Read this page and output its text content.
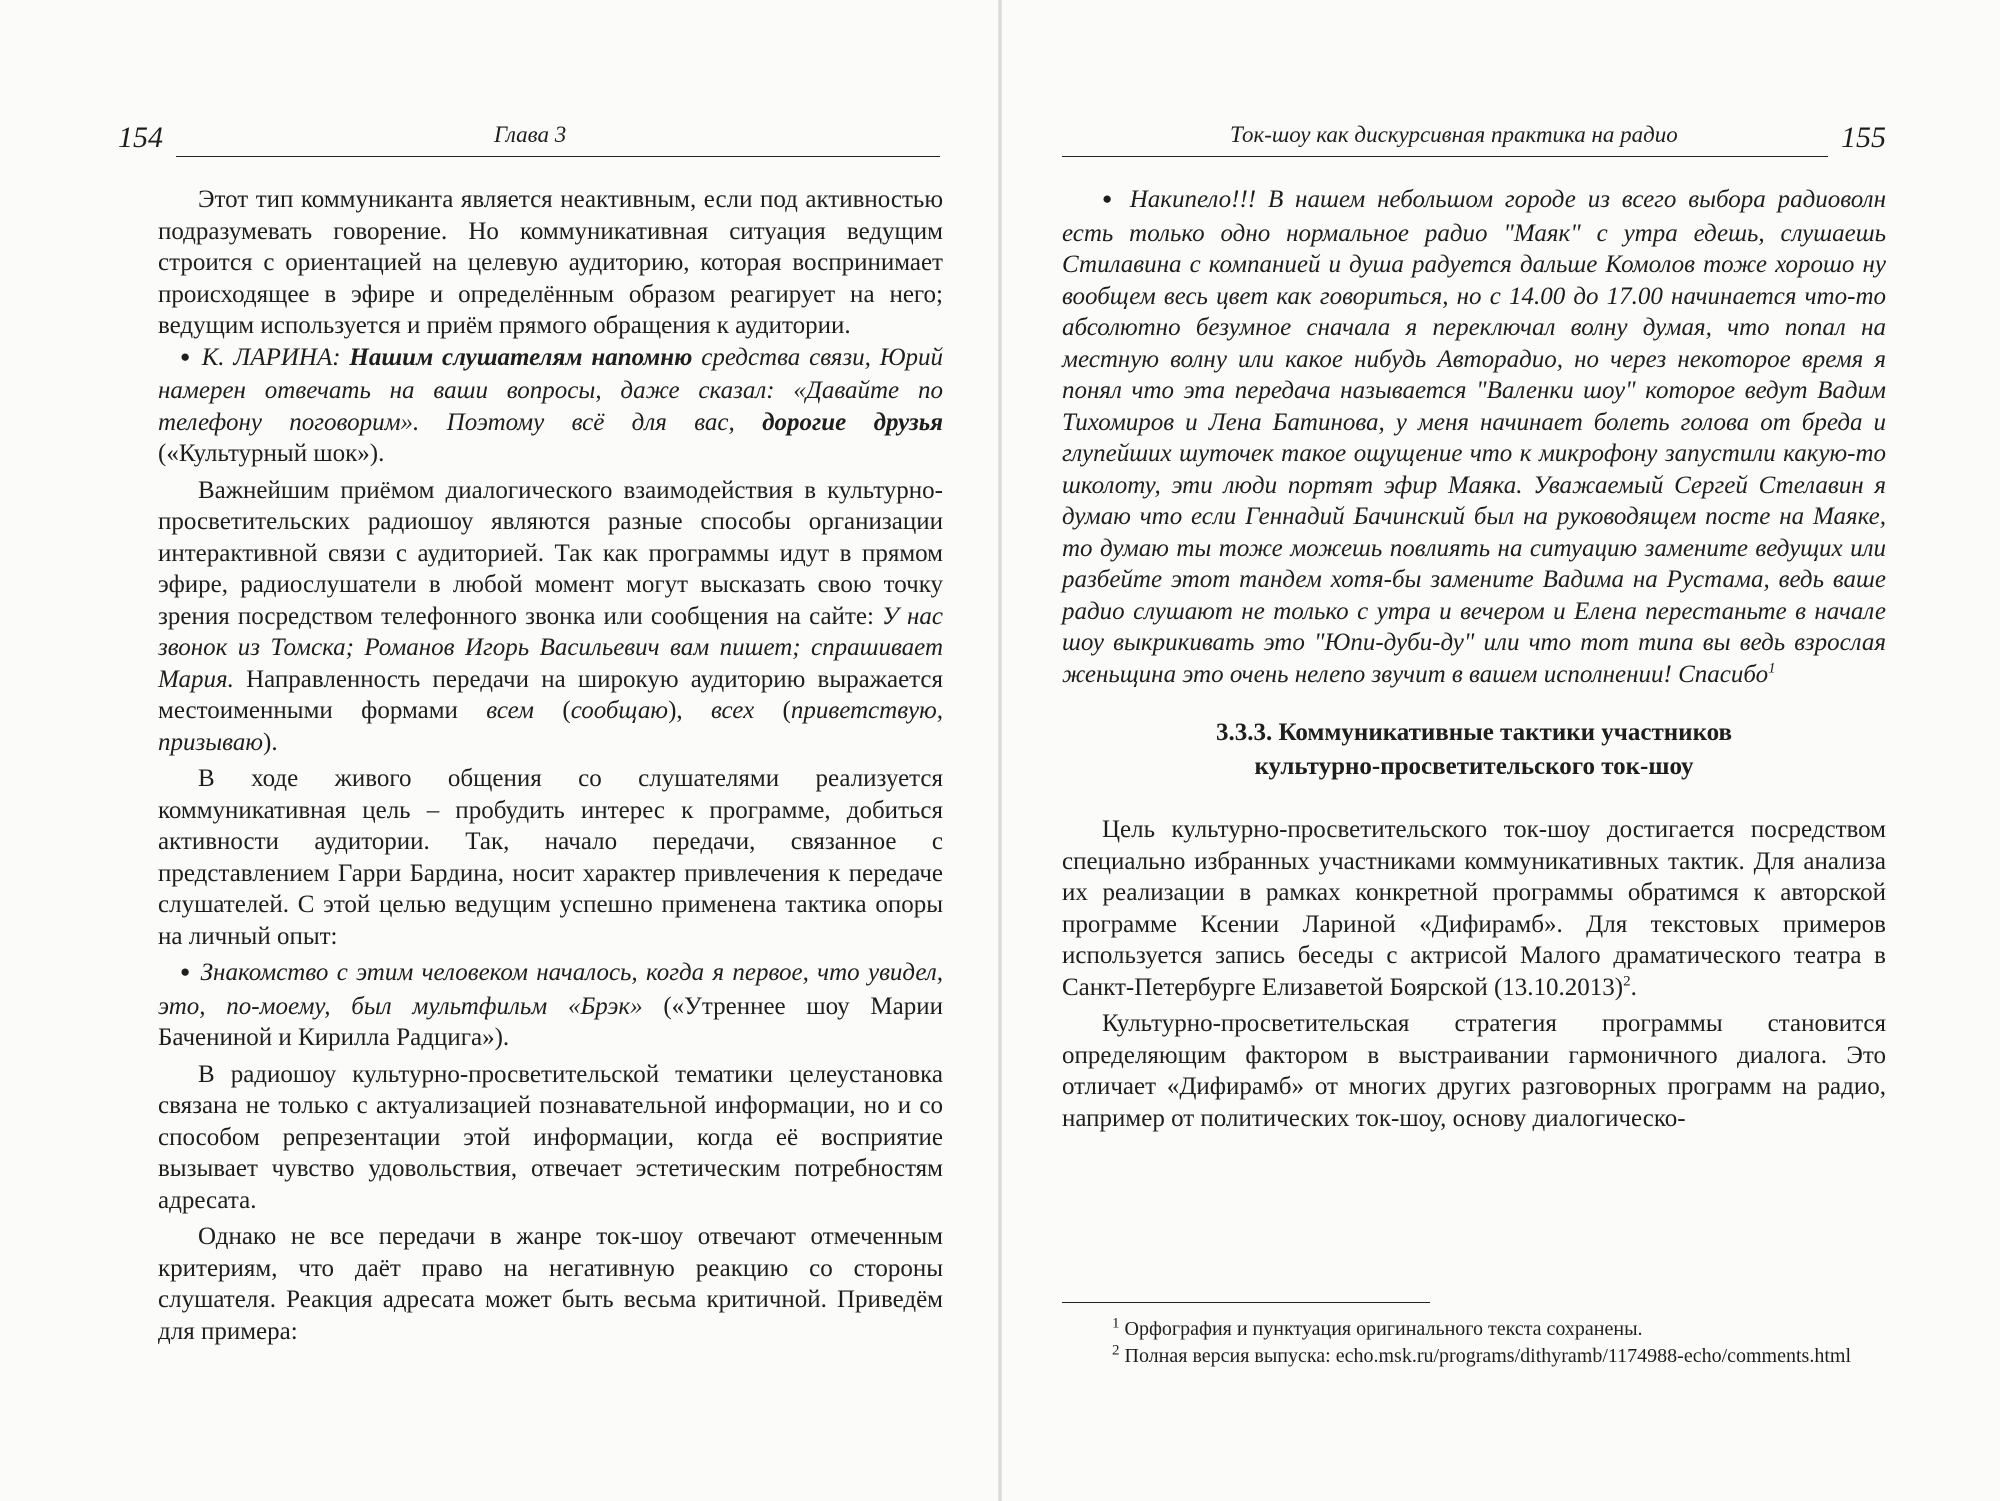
154	Глава 3

Этот тип коммуниканта является неактивным, если под активностью подразумевать говорение. Но коммуникативная ситуация ведущим строится с ориентацией на целевую аудиторию, которая воспринимает происходящее в эфире и определённым образом реагирует на него; ведущим используется и приём прямого обращения к аудитории.

● К. ЛАРИНА: Нашим слушателям напомню средства связи, Юрий намерен отвечать на ваши вопросы, даже сказал: «Давайте по телефону поговорим». Поэтому всё для вас, дорогие друзья («Культурный шок»).

Важнейшим приёмом диалогического взаимодействия в культурно-просветительских радиошоу являются разные способы организации интерактивной связи с аудиторией. Так как программы идут в прямом эфире, радиослушатели в любой момент могут высказать свою точку зрения посредством телефонного звонка или сообщения на сайте: У нас звонок из Томска; Романов Игорь Васильевич вам пишет; спрашивает Мария. Направленность передачи на широкую аудиторию выражается местоименными формами всем (сообщаю), всех (приветствую, призываю).

В ходе живого общения со слушателями реализуется коммуникативная цель – пробудить интерес к программе, добиться активности аудитории. Так, начало передачи, связанное с представлением Гарри Бардина, носит характер привлечения к передаче слушателей. С этой целью ведущим успешно применена тактика опоры на личный опыт:

● Знакомство с этим человеком началось, когда я первое, что увидел, это, по-моему, был мультфильм «Брэк» («Утреннее шоу Марии Бачениной и Кирилла Радцига»).

В радиошоу культурно-просветительской тематики целеустановка связана не только с актуализацией познавательной информации, но и со способом репрезентации этой информации, когда её восприятие вызывает чувство удовольствия, отвечает эстетическим потребностям адресата.

Однако не все передачи в жанре ток-шоу отвечают отмеченным критериям, что даёт право на негативную реакцию со стороны слушателя. Реакция адресата может быть весьма критичной. Приведём для примера:

Ток-шоу как дискурсивная практика на радио	155

● Накипело!!! В нашем небольшом городе из всего выбора радиоволн есть только одно нормальное радио "Маяк" с утра едешь, слушаешь Стилавина с компанией и душа радуется дальше Комолов тоже хорошо ну вообщем весь цвет как говориться, но с 14.00 до 17.00 начинается что-то абсолютно безумное сначала я переключал волну думая, что попал на местную волну или какое нибудь Авторадио, но через некоторое время я понял что эта передача называется "Валенки шоу" которое ведут Вадим Тихомиров и Лена Батинова, у меня начинает болеть голова от бреда и глупейших шуточек такое ощущение что к микрофону запустили какую-то школоту, эти люди портят эфир Маяка. Уважаемый Сергей Стелавин я думаю что если Геннадий Бачинский был на руководящем посте на Маяке, то думаю ты тоже можешь повлиять на ситуацию замените ведущих или разбейте этот тандем хотя-бы замените Вадима на Рустама, ведь ваше радио слушают не только с утра и вечером и Елена перестаньте в начале шоу выкрикивать это "Юпи-дуби-ду" или что тот типа вы ведь взрослая женьщина это очень нелепо звучит в вашем исполнении! Спасибо$^1$

3.3.3. Коммуникативные тактики участников
культурно-просветительского ток-шоу

Цель культурно-просветительского ток-шоу достигается посредством специально избранных участниками коммуникативных тактик. Для анализа их реализации в рамках конкретной программы обратимся к авторской программе Ксении Лариной «Дифирамб». Для текстовых примеров используется запись беседы с актрисой Малого драматического театра в Санкт-Петербурге Елизаветой Боярской $(13.10.2013)^2$.

Культурно-просветительская стратегия программы становится определяющим фактором в выстраивании гармоничного диалога. Это отличает «Дифирамб» от многих других разговорных программ на радио, например от политических ток-шоу, основу диалогическо-

$^1$ Орфография и пунктуация оригинального текста сохранены.

$^2$ Полная версия выпуска: echo.msk.ru/programs/dithyramb/1174988-echo/comments.html
